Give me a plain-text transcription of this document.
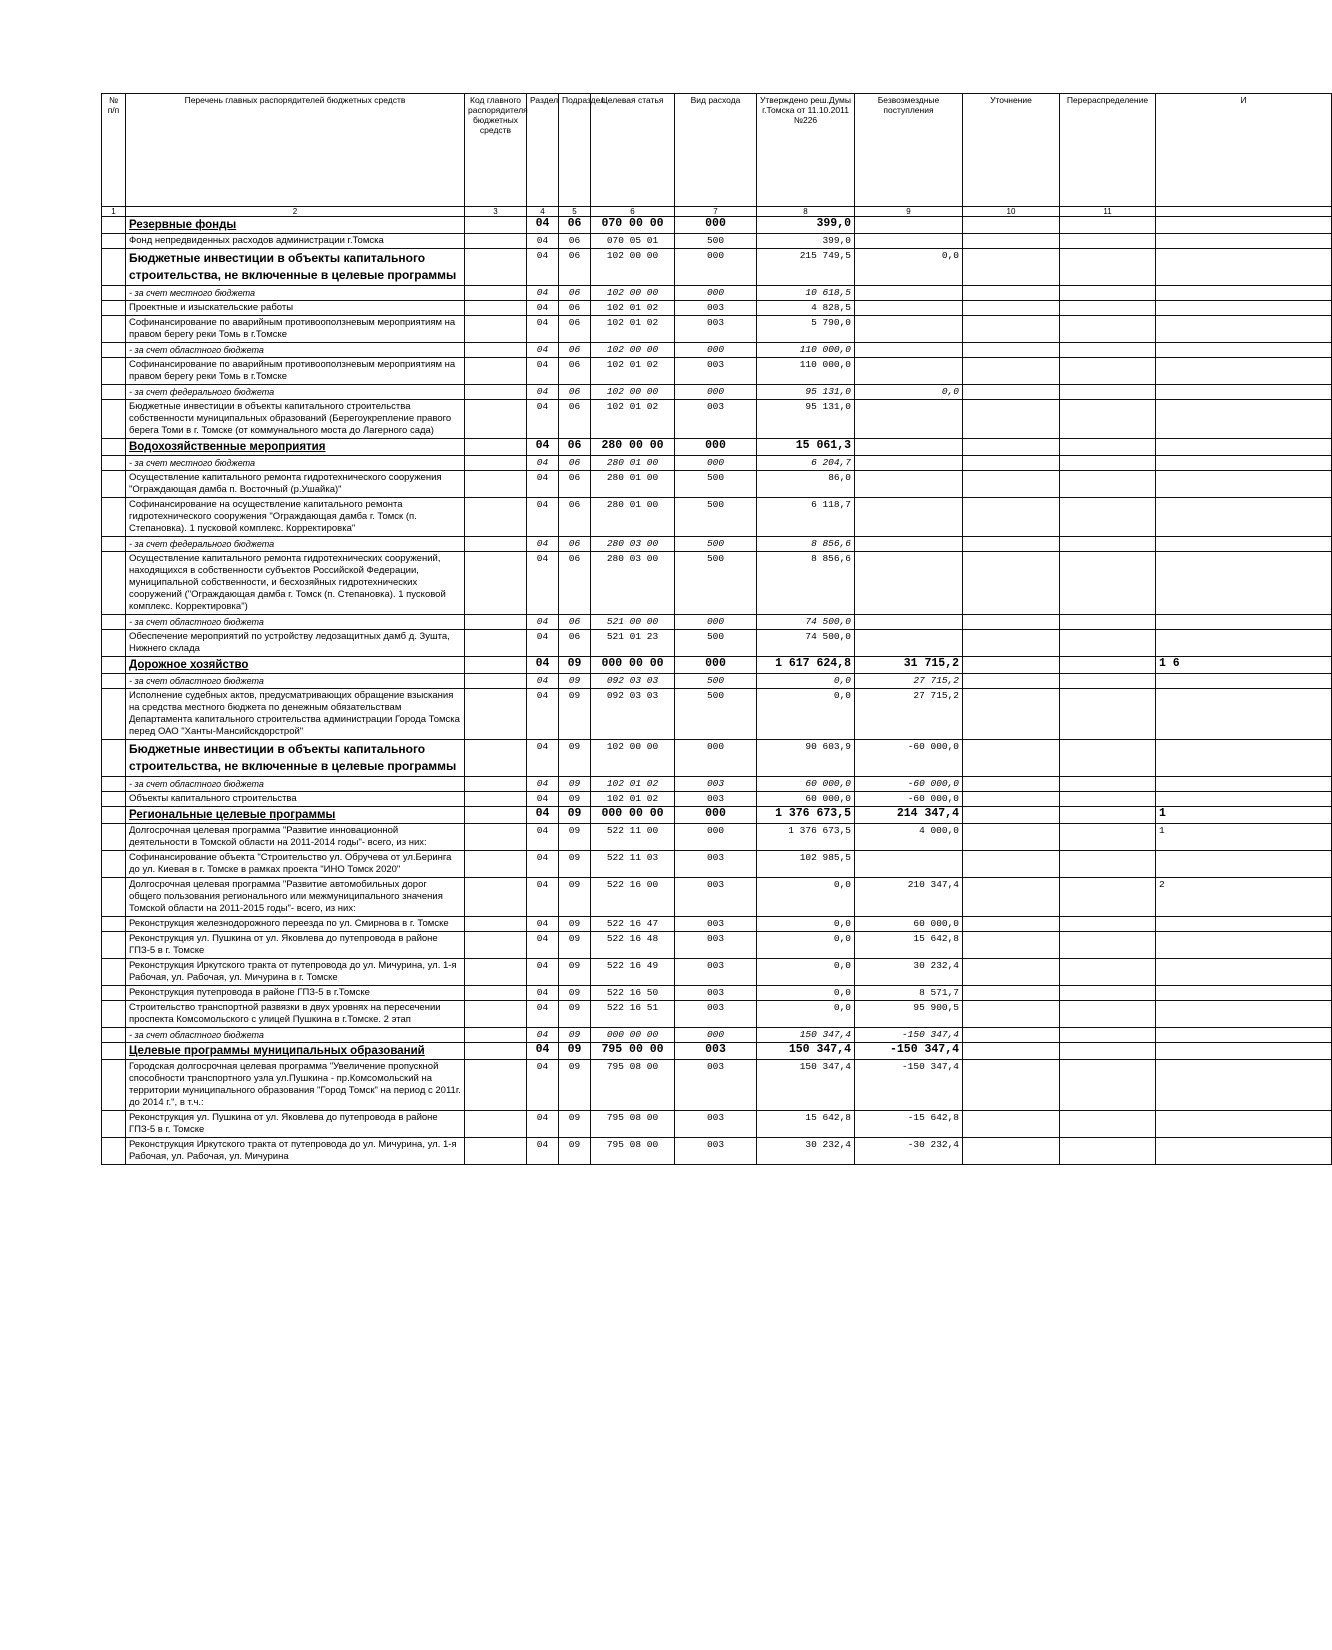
№ п/п	Перечень главных распорядителей бюджетных средств	Код главного распорядителя бюджетных средств	Раздел	Подраздел	Целевая статья	Вид расхода	Утверждено реш.Думы г.Томска от 11.10.2011 №226	Безвозмездные поступления	Уточнение	Перераспределение	И
1	2	3	4	5	6	7	8	9	10	11	
	Резервные фонды		04	06	070 00 00	000	399,0				
	Фонд непредвиденных расходов администрации г.Томска		04	06	070 05 01	500	399,0				
	Бюджетные инвестиции в объекты капитального строительства, не включенные в целевые программы		04	06	102 00 00	000	215 749,5	0,0			
	- за счет местного бюджета		04	06	102 00 00	000	10 618,5				
	Проектные и изыскательские работы		04	06	102 01 02	003	4 828,5				
	Софинансирование по аварийным противооползневым мероприятиям на правом берегу реки Томь в г.Томске		04	06	102 01 02	003	5 790,0				
	- за счет областного бюджета		04	06	102 00 00	000	110 000,0				
	Софинансирование по аварийным противооползневым мероприятиям на правом берегу реки Томь в г.Томске		04	06	102 01 02	003	110 000,0				
	- за счет федерального бюджета		04	06	102 00 00	000	95 131,0	0,0			
	Бюджетные инвестиции в объекты капитального строительства собственности муниципальных образований (Берегоукрепление правого берега Томи в г. Томске (от коммунального моста до Лагерного сада)		04	06	102 01 02	003	95 131,0				
	Водохозяйственные мероприятия		04	06	280 00 00	000	15 061,3				
	- за счет местного бюджета		04	06	280 01 00	000	6 204,7				
	Осуществление капитального ремонта гидротехнического сооружения "Ограждающая дамба п. Восточный (р.Ушайка)"		04	06	280 01 00	500	86,0				
	Софинансирование на осуществление капитального ремонта гидротехнического сооружения "Ограждающая дамба г. Томск (п. Степановка). 1 пусковой комплекс. Корректировка"		04	06	280 01 00	500	6 118,7				
	- за счет федерального бюджета		04	06	280 03 00	500	8 856,6				
	Осуществление капитального ремонта гидротехнических сооружений, находящихся в собственности субъектов Российской Федерации, муниципальной собственности, и бесхозяйных гидротехнических сооружений ("Ограждающая дамба г. Томск (п. Степановка). 1 пусковой комплекс. Корректировка")		04	06	280 03 00	500	8 856,6				
	- за счет областного бюджета		04	06	521 00 00	000	74 500,0				
	Обеспечение мероприятий по устройству ледозащитных дамб д. Зушта, Нижнего склада		04	06	521 01 23	500	74 500,0				
	Дорожное хозяйство		04	09	000 00 00	000	1 617 624,8	31 715,2			1 6
	- за счет областного бюджета		04	09	092 03 03	500	0,0	27 715,2			
	Исполнение судебных актов, предусматривающих обращение взыскания на средства местного бюджета по денежным обязательствам Департамента капитального строительства администрации Города Томска перед ОАО "Ханты-Мансийскдорстрой"		04	09	092 03 03	500	0,0	27 715,2			
	Бюджетные инвестиции в объекты капитального строительства, не включенные в целевые программы		04	09	102 00 00	000	90 603,9	-60 000,0			
	- за счет областного бюджета		04	09	102 01 02	003	60 000,0	-60 000,0			
	Объекты капитального строительства		04	09	102 01 02	003	60 000,0	-60 000,0			
	Региональные целевые программы		04	09	000 00 00	000	1 376 673,5	214 347,4			1
	Долгосрочная целевая программа "Развитие инновационной деятельности в Томской области на 2011-2014 годы"- всего, из них:		04	09	522 11 00	000	1 376 673,5	4 000,0			1
	Софинансирование объекта "Строительство ул. Обручева от ул.Беринга до ул. Киевая в г. Томске в рамках проекта "ИНО Томск 2020"		04	09	522 11 03	003	102 985,5				
	Долгосрочная целевая программа "Развитие автомобильных дорог общего пользования регионального или межмуниципального значения Томской области на 2011-2015 годы"- всего, из них:		04	09	522 16 00	003	0,0	210 347,4			2
	Реконструкция железнодорожного переезда по ул. Смирнова в г. Томске		04	09	522 16 47	003	0,0	60 000,0			
	Реконструкция ул. Пушкина от ул. Яковлева до путепровода в районе ГПЗ-5 в г. Томске		04	09	522 16 48	003	0,0	15 642,8			
	Реконструкция Иркутского тракта от путепровода до ул. Мичурина, ул. 1-я Рабочая, ул. Рабочая, ул. Мичурина в г. Томске		04	09	522 16 49	003	0,0	30 232,4			
	Реконструкция путепровода в районе ГПЗ-5 в г.Томске		04	09	522 16 50	003	0,0	8 571,7			
	Строительство транспортной развязки в двух уровнях на пересечении проспекта Комсомольского с улицей Пушкина в г.Томске. 2 этап		04	09	522 16 51	003	0,0	95 900,5			
	- за счет областного бюджета		04	09	000 00 00	000	150 347,4	-150 347,4			
	Целевые программы муниципальных образований		04	09	795 00 00	003	150 347,4	-150 347,4			
	Городская долгосрочная целевая программа "Увеличение пропускной способности транспортного узла ул.Пушкина - пр.Комсомольский на территории муниципального образования "Город Томск" на период с 2011г. до 2014 г.", в т.ч.:		04	09	795 08 00	003	150 347,4	-150 347,4			
	Реконструкция ул. Пушкина от ул. Яковлева до путепровода в районе ГПЗ-5 в г. Томске		04	09	795 08 00	003	15 642,8	-15 642,8			
	Реконструкция Иркутского тракта от путепровода до ул. Мичурина, ул. 1-я Рабочая, ул. Рабочая, ул. Мичурина		04	09	795 08 00	003	30 232,4	-30 232,4			
